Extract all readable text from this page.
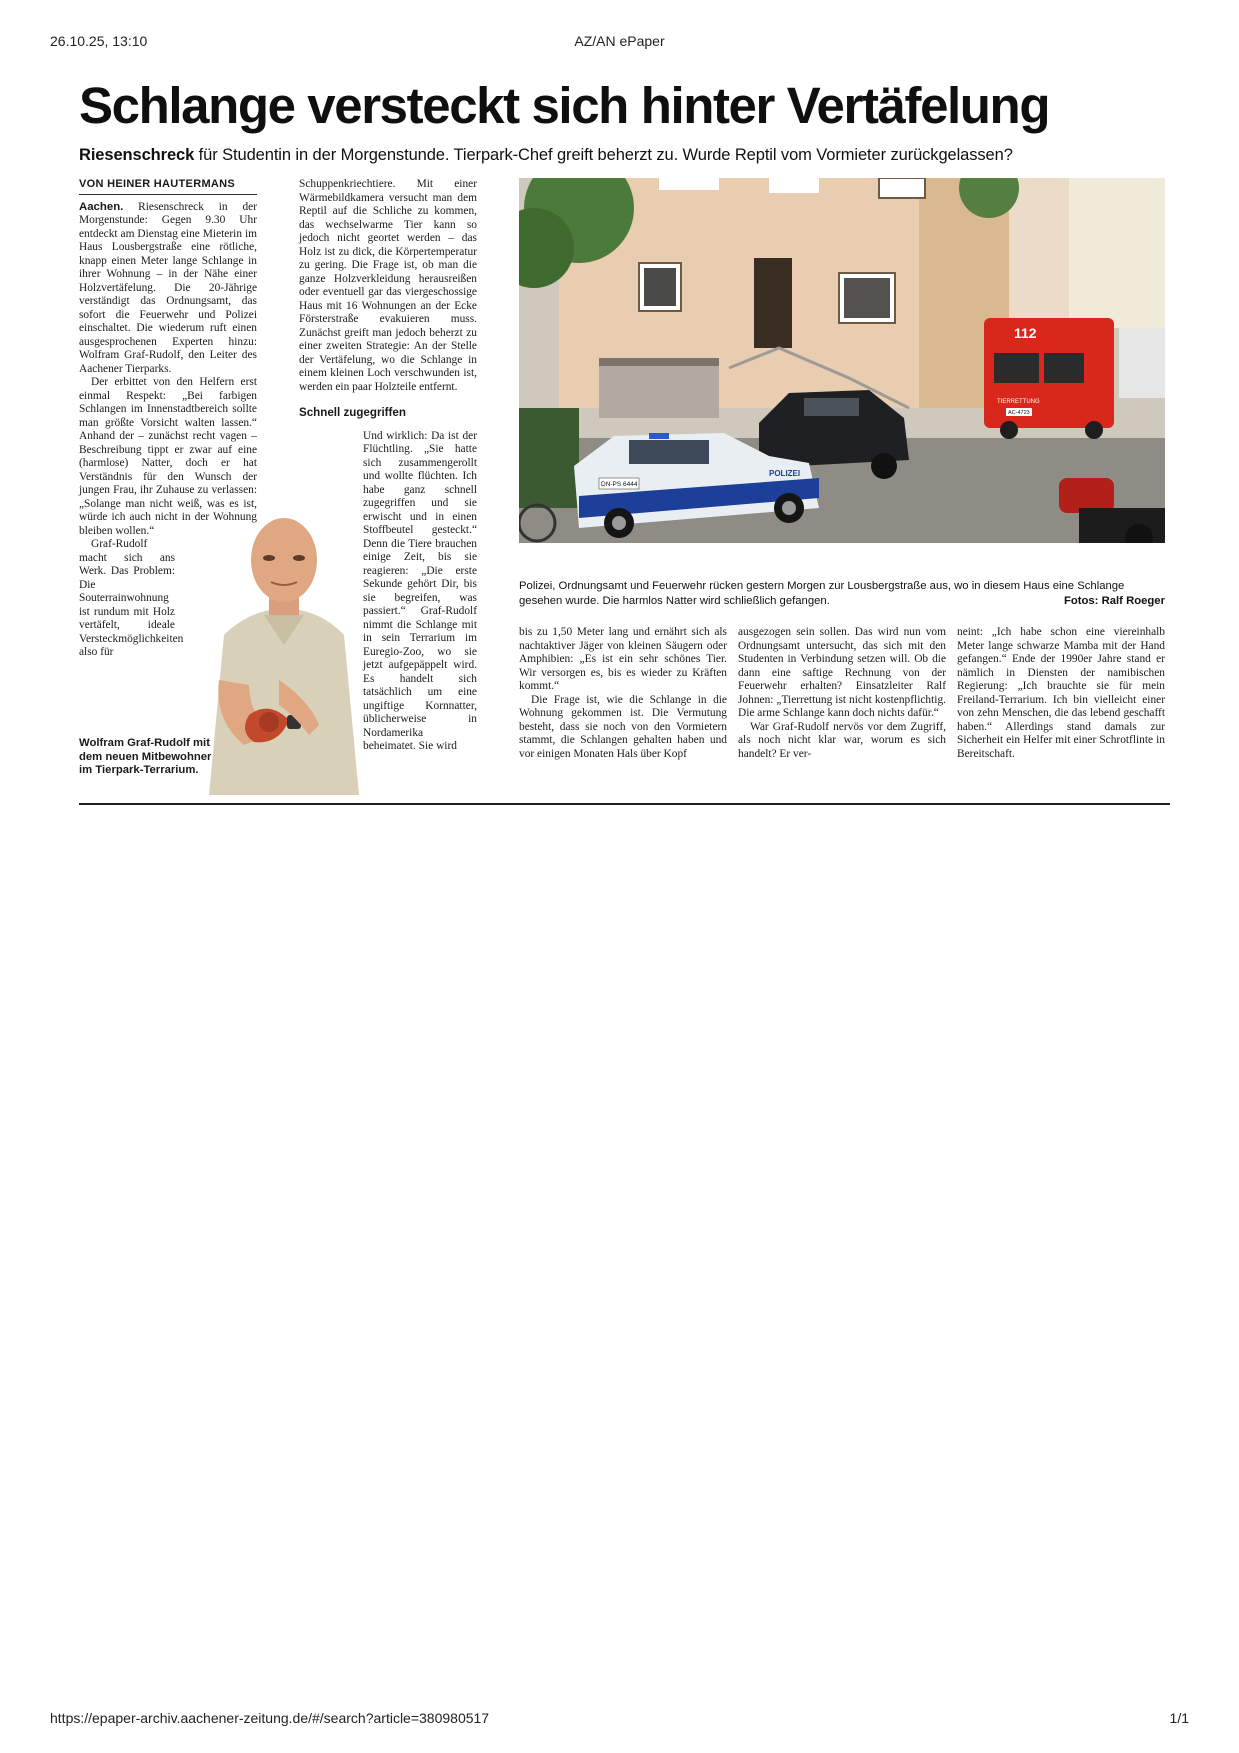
26.10.25, 13:10	AZ/AN ePaper
Schlange versteckt sich hinter Vertäfelung
Riesenschreck für Studentin in der Morgenstunde. Tierpark-Chef greift beherzt zu. Wurde Reptil vom Vormieter zurückgelassen?
VON HEINER HAUTERMANS

Aachen. Riesenschreck in der Morgenstunde: Gegen 9.30 Uhr entdeckt am Dienstag eine Mieterin im Haus Lousbergstraße eine rötliche, knapp einen Meter lange Schlange in ihrer Wohnung – in der Nähe einer Holzvertäfelung. Die 20-Jährige verständigt das Ordnungsamt, das sofort die Feuerwehr und Polizei einschaltet. Die wiederum ruft einen ausgesprochenen Experten hinzu: Wolfram Graf-Rudolf, den Leiter des Aachener Tierparks.

Der erbittet von den Helfern erst einmal Respekt: „Bei farbigen Schlangen im Innenstadtbereich sollte man größte Vorsicht walten lassen.“ Anhand der – zunächst recht vagen – Beschreibung tippt er zwar auf eine (harmlose) Natter, doch er hat Verständnis für den Wunsch der jungen Frau, ihr Zuhause zu verlassen: „Solange man nicht weiß, was es ist, würde ich auch nicht in der Wohnung bleiben wollen.“

Graf-Rudolf macht sich ans Werk. Das Problem: Die Souterrainwohnung ist rundum mit Holz vertäfelt, ideale Versteckmöglichkeiten also für

Schuppenkriechtiere. Mit einer Wärmebildkamera versucht man dem Reptil auf die Schliche zu kommen, das wechselwarme Tier kann so jedoch nicht geortet werden – das Holz ist zu dick, die Körpertemperatur zu gering. Die Frage ist, ob man die ganze Holzverkleidung herausreißen oder eventuell gar das viergeschossige Haus mit 16 Wohnungen an der Ecke Försterstraße evakuieren muss. Zunächst greift man jedoch beherzt zu einer zweiten Strategie: An der Stelle der Vertäfelung, wo die Schlange in einem kleinen Loch verschwunden ist, werden ein paar Holzteile entfernt.

Schnell zugegriffen

Und wirklich: Da ist der Flüchtling. „Sie hatte sich zusammengerollt und wollte flüchten. Ich habe ganz schnell zugegriffen und sie erwischt und in einen Stoffbeutel gesteckt.“ Denn die Tiere brauchen einige Zeit, bis sie reagieren: „Die erste Sekunde gehört Dir, bis sie begreifen, was passiert.“ Graf-Rudolf nimmt die Schlange mit in sein Terrarium im Euregio-Zoo, wo sie jetzt aufgepäppelt wird. Es handelt sich tatsächlich um eine ungiftige Kornnatter, üblicherweise in Nordamerika beheimatet. Sie wird

112
TIERRETTUNG
AC-4723
POLIZEI
DN-PS 6444
Polizei, Ordnungsamt und Feuerwehr rücken gestern Morgen zur Lousbergstraße aus, wo in diesem Haus eine Schlange gesehen wurde. Die harmlos Natter wird schließlich gefangen.	Fotos: Ralf Roeger
Wolfram Graf-Rudolf mit dem neuen Mitbewohner im Tierpark-Terrarium.

bis zu 1,50 Meter lang und ernährt sich als nachtaktiver Jäger von kleinen Säugern oder Amphibien: „Es ist ein sehr schönes Tier. Wir versorgen es, bis es wieder zu Kräften kommt.“

Die Frage ist, wie die Schlange in die Wohnung gekommen ist. Die Vermutung besteht, dass sie noch von den Vormietern stammt, die Schlangen gehalten haben und vor einigen Monaten Hals über Kopf

ausgezogen sein sollen. Das wird nun vom Ordnungsamt untersucht, das sich mit den Studenten in Verbindung setzen will. Ob die dann eine saftige Rechnung von der Feuerwehr erhalten? Einsatzleiter Ralf Johnen: „Tierrettung ist nicht kostenpflichtig. Die arme Schlange kann doch nichts dafür.“

War Graf-Rudolf nervös vor dem Zugriff, als noch nicht klar war, worum es sich handelt? Er ver-

neint: „Ich habe schon eine viereinhalb Meter lange schwarze Mamba mit der Hand gefangen.“ Ende der 1990er Jahre stand er nämlich in Diensten der namibischen Regierung: „Ich brauchte sie für mein Freiland-Terrarium. Ich bin vielleicht einer von zehn Menschen, die das lebend geschafft haben.“ Allerdings stand damals zur Sicherheit ein Helfer mit einer Schrotflinte in Bereitschaft.

https://epaper-archiv.aachener-zeitung.de/#/search?article=380980517	1/1
